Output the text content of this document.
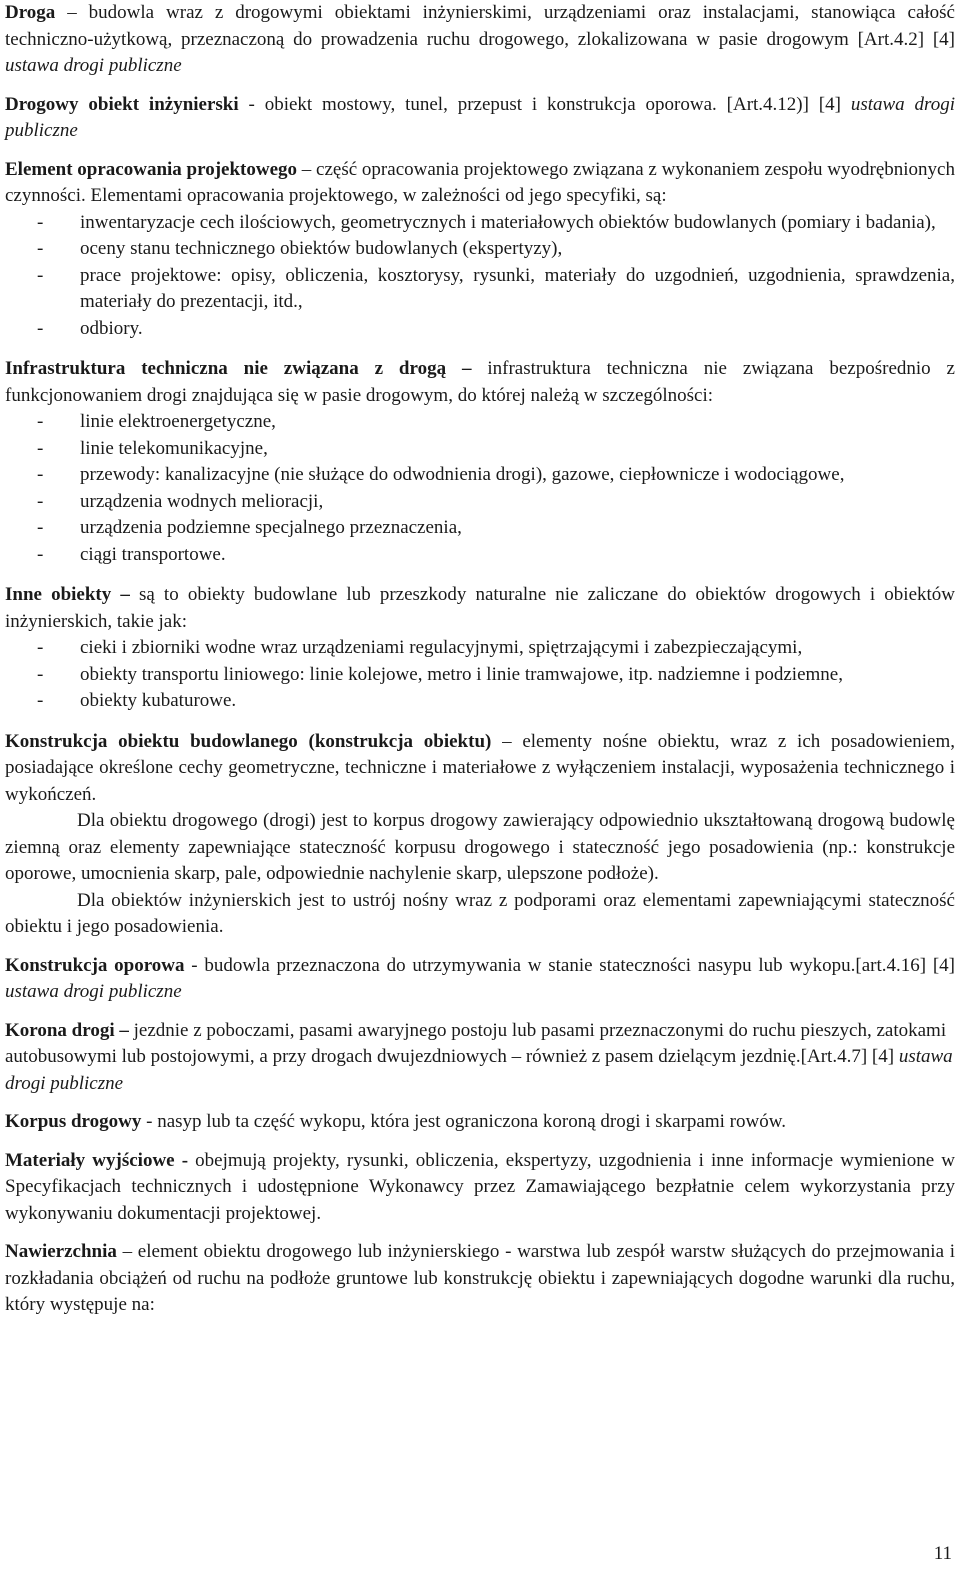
Droga – budowla wraz z drogowymi obiektami inżynierskimi, urządzeniami oraz instalacjami, stanowiąca całość techniczno-użytkową, przeznaczoną do prowadzenia ruchu drogowego, zlokalizowana w pasie drogowym [Art.4.2] [4] ustawa drogi publiczne

Drogowy obiekt inżynierski - obiekt mostowy, tunel, przepust i konstrukcja oporowa. [Art.4.12)] [4] ustawa drogi publiczne

Element opracowania projektowego – część opracowania projektowego związana z wykonaniem zespołu wyodrębnionych czynności. Elementami opracowania projektowego, w zależności od jego specyfiki, są:

- inwentaryzacje cech ilościowych, geometrycznych i materiałowych obiektów budowlanych (pomiary i badania),
- oceny stanu technicznego obiektów budowlanych (ekspertyzy),
- prace projektowe: opisy, obliczenia, kosztorysy, rysunki, materiały do uzgodnień, uzgodnienia, sprawdzenia, materiały do prezentacji, itd.,
- odbiory.

Infrastruktura techniczna nie związana z drogą – infrastruktura techniczna nie związana bezpośrednio z funkcjonowaniem drogi znajdująca się w pasie drogowym, do której należą w szczególności:

- linie elektroenergetyczne,
- linie telekomunikacyjne,
- przewody: kanalizacyjne (nie służące do odwodnienia drogi), gazowe, ciepłownicze i wodociągowe,
- urządzenia wodnych melioracji,
- urządzenia podziemne specjalnego przeznaczenia,
- ciągi transportowe.

Inne obiekty – są to obiekty budowlane lub przeszkody naturalne nie zaliczane do obiektów drogowych i obiektów inżynierskich, takie jak:

- cieki i zbiorniki wodne wraz urządzeniami regulacyjnymi, spiętrzającymi i zabezpieczającymi,
- obiekty transportu liniowego: linie kolejowe, metro i linie tramwajowe, itp. nadziemne i podziemne,
- obiekty kubaturowe.

Konstrukcja obiektu budowlanego (konstrukcja obiektu) – elementy nośne obiektu, wraz z ich posadowieniem, posiadające określone cechy geometryczne, techniczne i materiałowe z wyłączeniem instalacji, wyposażenia technicznego i wykończeń.

Dla obiektu drogowego (drogi) jest to korpus drogowy zawierający odpowiednio ukształtowaną drogową budowlę ziemną oraz elementy zapewniające stateczność korpusu drogowego i stateczność jego posadowienia (np.: konstrukcje oporowe, umocnienia skarp, pale, odpowiednie nachylenie skarp, ulepszone podłoże).

Dla obiektów inżynierskich jest to ustrój nośny wraz z podporami oraz elementami zapewniającymi stateczność obiektu i jego posadowienia.

Konstrukcja oporowa - budowla przeznaczona do utrzymywania w stanie stateczności nasypu lub wykopu.[art.4.16] [4] ustawa drogi publiczne

Korona drogi – jezdnie z poboczami, pasami awaryjnego postoju lub pasami przeznaczonymi do ruchu pieszych, zatokami autobusowymi lub postojowymi, a przy drogach dwujezdniowych – również z pasem dzielącym jezdnię.[Art.4.7] [4] ustawa drogi publiczne

Korpus drogowy - nasyp lub ta część wykopu, która jest ograniczona koroną drogi i skarpami rowów.

Materiały wyjściowe - obejmują projekty, rysunki, obliczenia, ekspertyzy, uzgodnienia i inne informacje wymienione w Specyfikacjach technicznych i udostępnione Wykonawcy przez Zamawiającego bezpłatnie celem wykorzystania przy wykonywaniu dokumentacji projektowej.

Nawierzchnia – element obiektu drogowego lub inżynierskiego - warstwa lub zespół warstw służących do przejmowania i rozkładania obciążeń od ruchu na podłoże gruntowe lub konstrukcję obiektu i zapewniających dogodne warunki dla ruchu, który występuje na:

11
